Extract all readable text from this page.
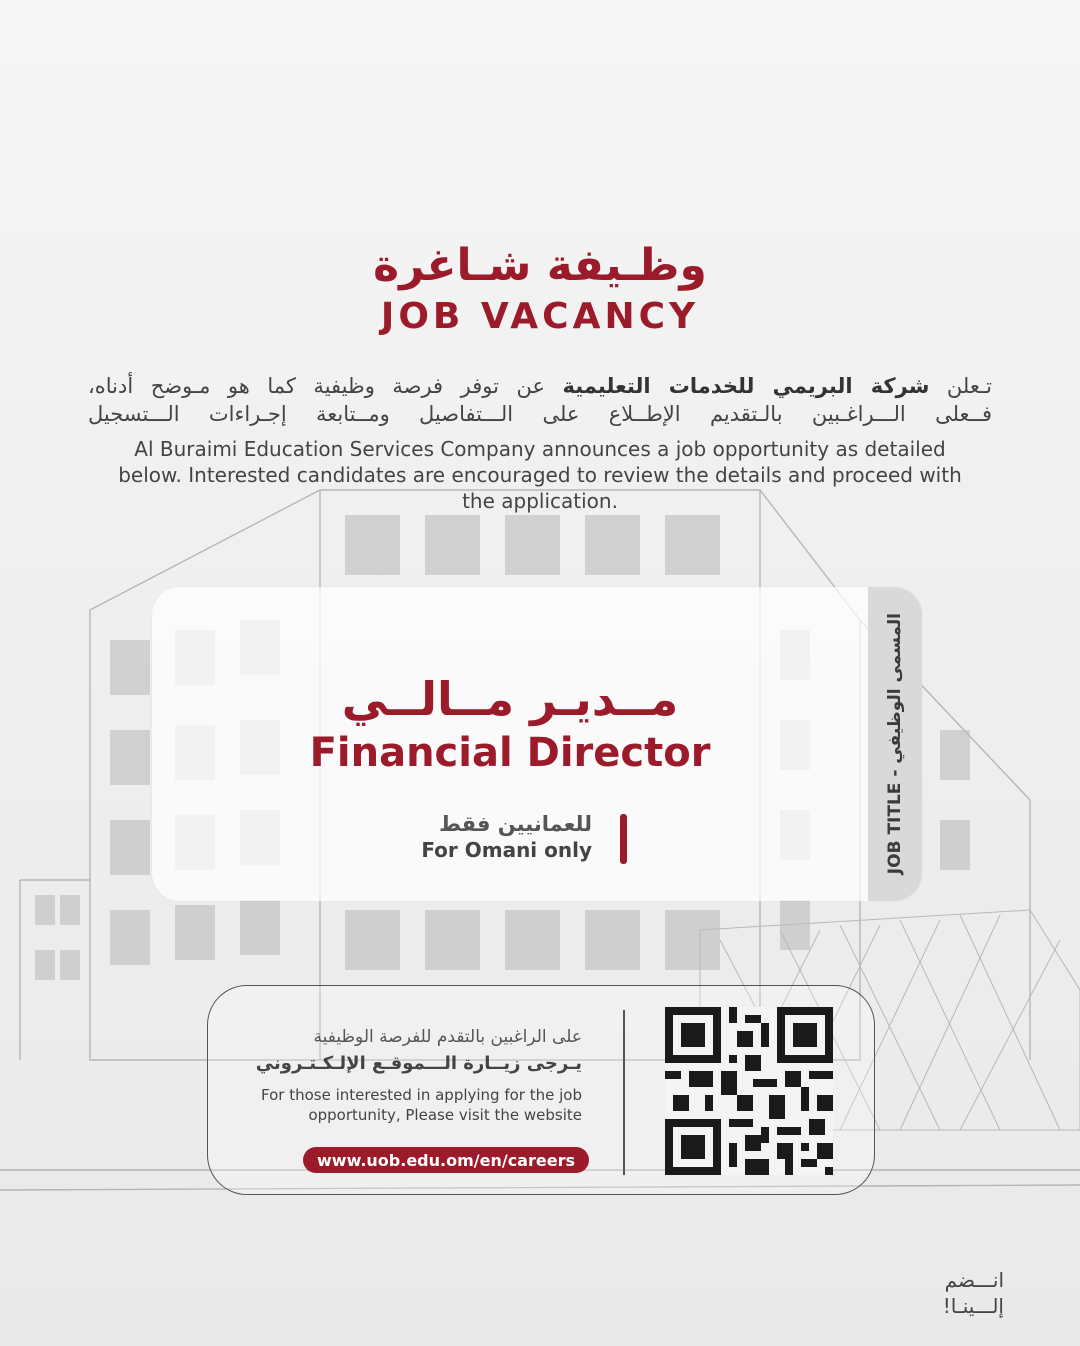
وظـيفة شـاغرة
JOB VACANCY
تـعلن شركة البريمي للخدمات التعليمية عن توفر فرصة وظيفية كما هو مـوضح أدناه،
فــعلى الـــراغـبين بالـتقديم الإطــلاع على الـــتفاصيل ومــتابعة إجـراءات الـــتسجيل
Al Buraimi Education Services Company announces a job opportunity as detailed below. Interested candidates are encouraged to review the details and proceed with the application.
JOB TITLE - المسمى الوظيفي
مــديـر مــالــي
Financial Director
للعمانيين فقط
For Omani only
على الراغبين بالتقدم للفرصة الوظيفية
يـرجى زيــارة الـــموقـع الإلـكـتـروني
For those interested in applying for the job opportunity, Please visit the website
www.uob.edu.om/en/careers
انـــضم
إلـــينـا!
